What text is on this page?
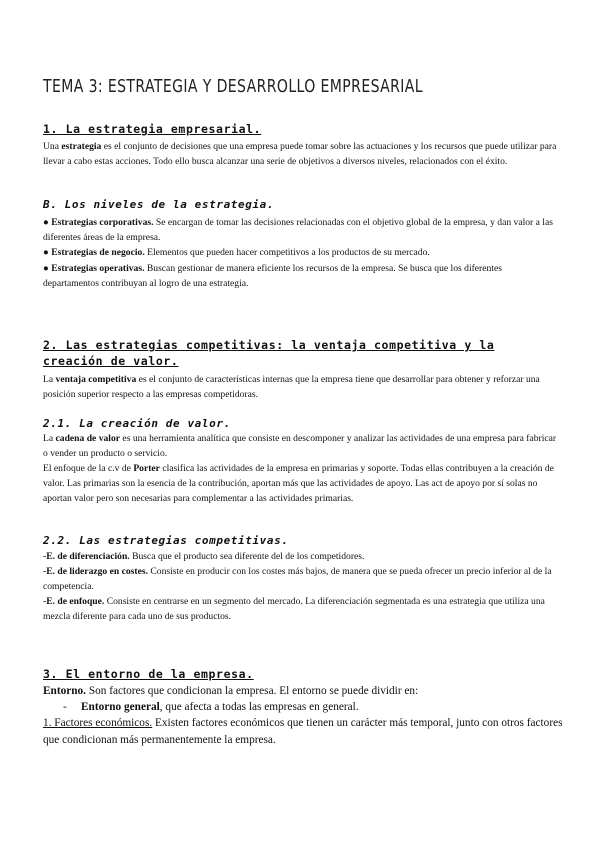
TEMA 3: ESTRATEGIA Y DESARROLLO EMPRESARIAL
1. La estrategia empresarial.

Una estrategia es el conjunto de decisiones que una empresa puede tomar sobre las actuaciones y los recursos que puede utilizar para llevar a cabo estas acciones. Todo ello busca alcanzar una serie de objetivos a diversos niveles, relacionados con el éxito.

B. Los niveles de la estrategia.

● Estrategias corporativas. Se encargan de tomar las decisiones relacionadas con el objetivo global de la empresa, y dan valor a las diferentes áreas de la empresa.

● Estrategias de negocio. Elementos que pueden hacer competitivos a los productos de su mercado.

● Estrategias operativas. Buscan gestionar de manera eficiente los recursos de la empresa. Se busca que los diferentes departamentos contribuyan al logro de una estrategia.

2. Las estrategias competitivas: la ventaja competitiva y la creación de valor.

La ventaja competitiva es el conjunto de características internas que la empresa tiene que desarrollar para obtener y reforzar una posición superior respecto a las empresas competidoras.

2.1. La creación de valor.

La cadena de valor es una herramienta analítica que consiste en descomponer y analizar las actividades de una empresa para fabricar o vender un producto o servicio.

El enfoque de la c.v de Porter clasifica las actividades de la empresa en primarias y soporte. Todas ellas contribuyen a la creación de valor. Las primarias son la esencia de la contribución, aportan más que las actividades de apoyo. Las act de apoyo por sí solas no aportan valor pero son necesarias para complementar a las actividades primarias.

2.2. Las estrategias competitivas.

-E. de diferenciación. Busca que el producto sea diferente del de los competidores.

-E. de liderazgo en costes. Consiste en producir con los costes más bajos, de manera que se pueda ofrecer un precio inferior al de la competencia.

-E. de enfoque. Consiste en centrarse en un segmento del mercado. La diferenciación segmentada es una estrategia que utiliza una mezcla diferente para cada uno de sus productos.

3. El entorno de la empresa.

Entorno. Son factores que condicionan la empresa. El entorno se puede dividir en:

- Entorno general, que afecta a todas las empresas en general.

1. Factores económicos. Existen factores económicos que tienen un carácter más temporal, junto con otros factores que condicionan más permanentemente la empresa.
